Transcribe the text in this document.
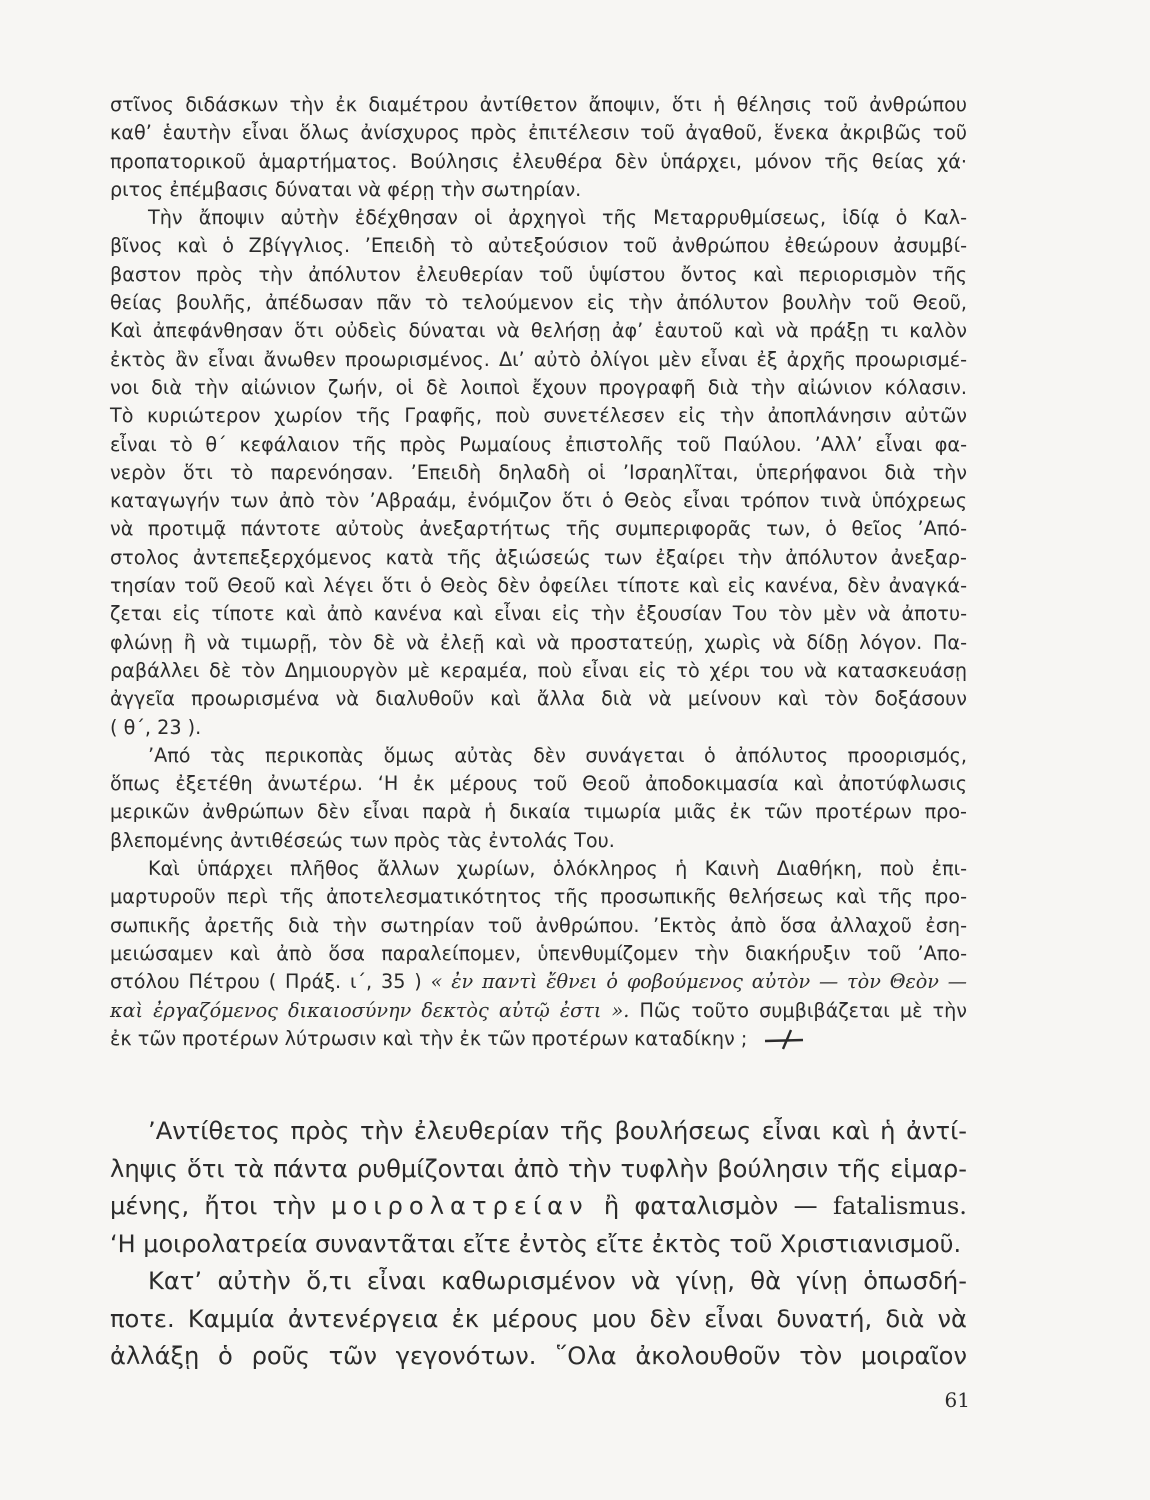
στῖνος διδάσκων τὴν ἐκ διαμέτρου ἀντίθετον ἄποψιν, ὅτι ἡ θέλησις τοῦ ἀνθρώπου
καθ’ ἑαυτὴν εἶναι ὅλως ἀνίσχυρος πρὸς ἐπιτέλεσιν τοῦ ἀγαθοῦ, ἕνεκα ἀκριβῶς τοῦ
προπατορικοῦ ἁμαρτήματος. Βούλησις ἐλευθέρα δὲν ὑπάρχει, μόνον τῆς θείας χά·
ριτος ἐπέμβασις δύναται νὰ φέρῃ τὴν σωτηρίαν.
Τὴν ἄποψιν αὐτὴν ἐδέχθησαν οἱ ἀρχηγοὶ τῆς Μεταρρυθμίσεως, ἰδίᾳ ὁ Καλ-
βῖνος καὶ ὁ Ζβίγγλιος. ’Επειδὴ τὸ αὐτεξούσιον τοῦ ἀνθρώπου ἐθεώρουν ἀσυμβί-
βαστον πρὸς τὴν ἀπόλυτον ἐλευθερίαν τοῦ ὑψίστου ὄντος καὶ περιορισμὸν τῆς
θείας βουλῆς, ἀπέδωσαν πᾶν τὸ τελούμενον εἰς τὴν ἀπόλυτον βουλὴν τοῦ Θεοῦ,
Καὶ ἀπεφάνθησαν ὅτι οὐδεὶς δύναται νὰ θελήσῃ ἀφ’ ἑαυτοῦ καὶ νὰ πράξῃ τι καλὸν
ἐκτὸς ἂν εἶναι ἄνωθεν προωρισμένος. Δι’ αὐτὸ ὀλίγοι μὲν εἶναι ἐξ ἀρχῆς προωρισμέ-
νοι διὰ τὴν αἰώνιον ζωήν, οἱ δὲ λοιποὶ ἔχουν προγραφῆ διὰ τὴν αἰώνιον κόλασιν.
Τὸ κυριώτερον χωρίον τῆς Γραφῆς, ποὺ συνετέλεσεν εἰς τὴν ἀποπλάνησιν αὐτῶν
εἶναι τὸ θ΄ κεφάλαιον τῆς πρὸς Ρωμαίους ἐπιστολῆς τοῦ Παύλου. ’Αλλ’ εἶναι φα-
νερὸν ὅτι τὸ παρενόησαν. ’Επειδὴ δηλαδὴ οἱ ’Ισραηλῖται, ὑπερήφανοι διὰ τὴν
καταγωγήν των ἀπὸ τὸν ’Αβραάμ, ἐνόμιζον ὅτι ὁ Θεὸς εἶναι τρόπον τινὰ ὑπόχρεως
νὰ προτιμᾷ πάντοτε αὐτοὺς ἀνεξαρτήτως τῆς συμπεριφορᾶς των, ὁ θεῖος ’Από-
στολος ἀντεπεξερχόμενος κατὰ τῆς ἀξιώσεώς των ἐξαίρει τὴν ἀπόλυτον ἀνεξαρ-
τησίαν τοῦ Θεοῦ καὶ λέγει ὅτι ὁ Θεὸς δὲν ὀφείλει τίποτε καὶ εἰς κανένα, δὲν ἀναγκά-
ζεται εἰς τίποτε καὶ ἀπὸ κανένα καὶ εἶναι εἰς τὴν ἐξουσίαν Του τὸν μὲν νὰ ἀποτυ-
φλώνῃ ἢ νὰ τιμωρῇ, τὸν δὲ νὰ ἐλεῇ καὶ νὰ προστατεύῃ, χωρὶς νὰ δίδῃ λόγον. Πα-
ραβάλλει δὲ τὸν Δημιουργὸν μὲ κεραμέα, ποὺ εἶναι εἰς τὸ χέρι του νὰ κατασκευάσῃ
ἀγγεῖα προωρισμένα νὰ διαλυθοῦν καὶ ἄλλα διὰ νὰ μείνουν καὶ τὸν δοξάσουν
( θ΄, 23 ).
’Από τὰς περικοπὰς ὅμως αὐτὰς δὲν συνάγεται ὁ ἀπόλυτος προορισμός,
ὅπως ἐξετέθη ἀνωτέρω. ‘Η ἐκ μέρους τοῦ Θεοῦ ἀποδοκιμασία καὶ ἀποτύφλωσις
μερικῶν ἀνθρώπων δὲν εἶναι παρὰ ἡ δικαία τιμωρία μιᾶς ἐκ τῶν προτέρων προ-
βλεπομένης ἀντιθέσεώς των πρὸς τὰς ἐντολάς Του.
Καὶ ὑπάρχει πλῆθος ἄλλων χωρίων, ὁλόκληρος ἡ Καινὴ Διαθήκη, ποὺ ἐπι-
μαρτυροῦν περὶ τῆς ἀποτελεσματικότητος τῆς προσωπικῆς θελήσεως καὶ τῆς προ-
σωπικῆς ἀρετῆς διὰ τὴν σωτηρίαν τοῦ ἀνθρώπου. ’Εκτὸς ἀπὸ ὅσα ἀλλαχοῦ ἐση-
μειώσαμεν καὶ ἀπὸ ὅσα παραλείπομεν, ὑπενθυμίζομεν τὴν διακήρυξιν τοῦ ’Απο-
στόλου Πέτρου ( Πράξ. ι΄, 35 ) « ἐν παντὶ ἔθνει ὁ φοβούμενος αὐτὸν — τὸν Θεὸν —
καὶ ἐργαζόμενος δικαιοσύνην δεκτὸς αὐτῷ ἐστι ». Πῶς τοῦτο συμβιβάζεται μὲ τὴν
ἐκ τῶν προτέρων λύτρωσιν καὶ τὴν ἐκ τῶν προτέρων καταδίκην ;
’Αντίθετος πρὸς τὴν ἐλευθερίαν τῆς βουλήσεως εἶναι καὶ ἡ ἀντί-
ληψις ὅτι τὰ πάντα ρυθμίζονται ἀπὸ τὴν τυφλὴν βούλησιν τῆς εἱμαρ-
μένης, ἤτοι τὴν μοιρολατρείαν ἢ φαταλισμὸν — fatalismus.
‘Η μοιρολατρεία συναντᾶται εἴτε ἐντὸς εἴτε ἐκτὸς τοῦ Χριστιανισμοῦ.
Κατ’ αὐτὴν ὅ,τι εἶναι καθωρισμένον νὰ γίνῃ, θὰ γίνῃ ὁπωσδή-
ποτε. Καμμία ἀντενέργεια ἐκ μέρους μου δὲν εἶναι δυνατή, διὰ νὰ
ἀλλάξῃ ὁ ροῦς τῶν γεγονότων. ῞Ολα ἀκολουθοῦν τὸν μοιραῖον
61
